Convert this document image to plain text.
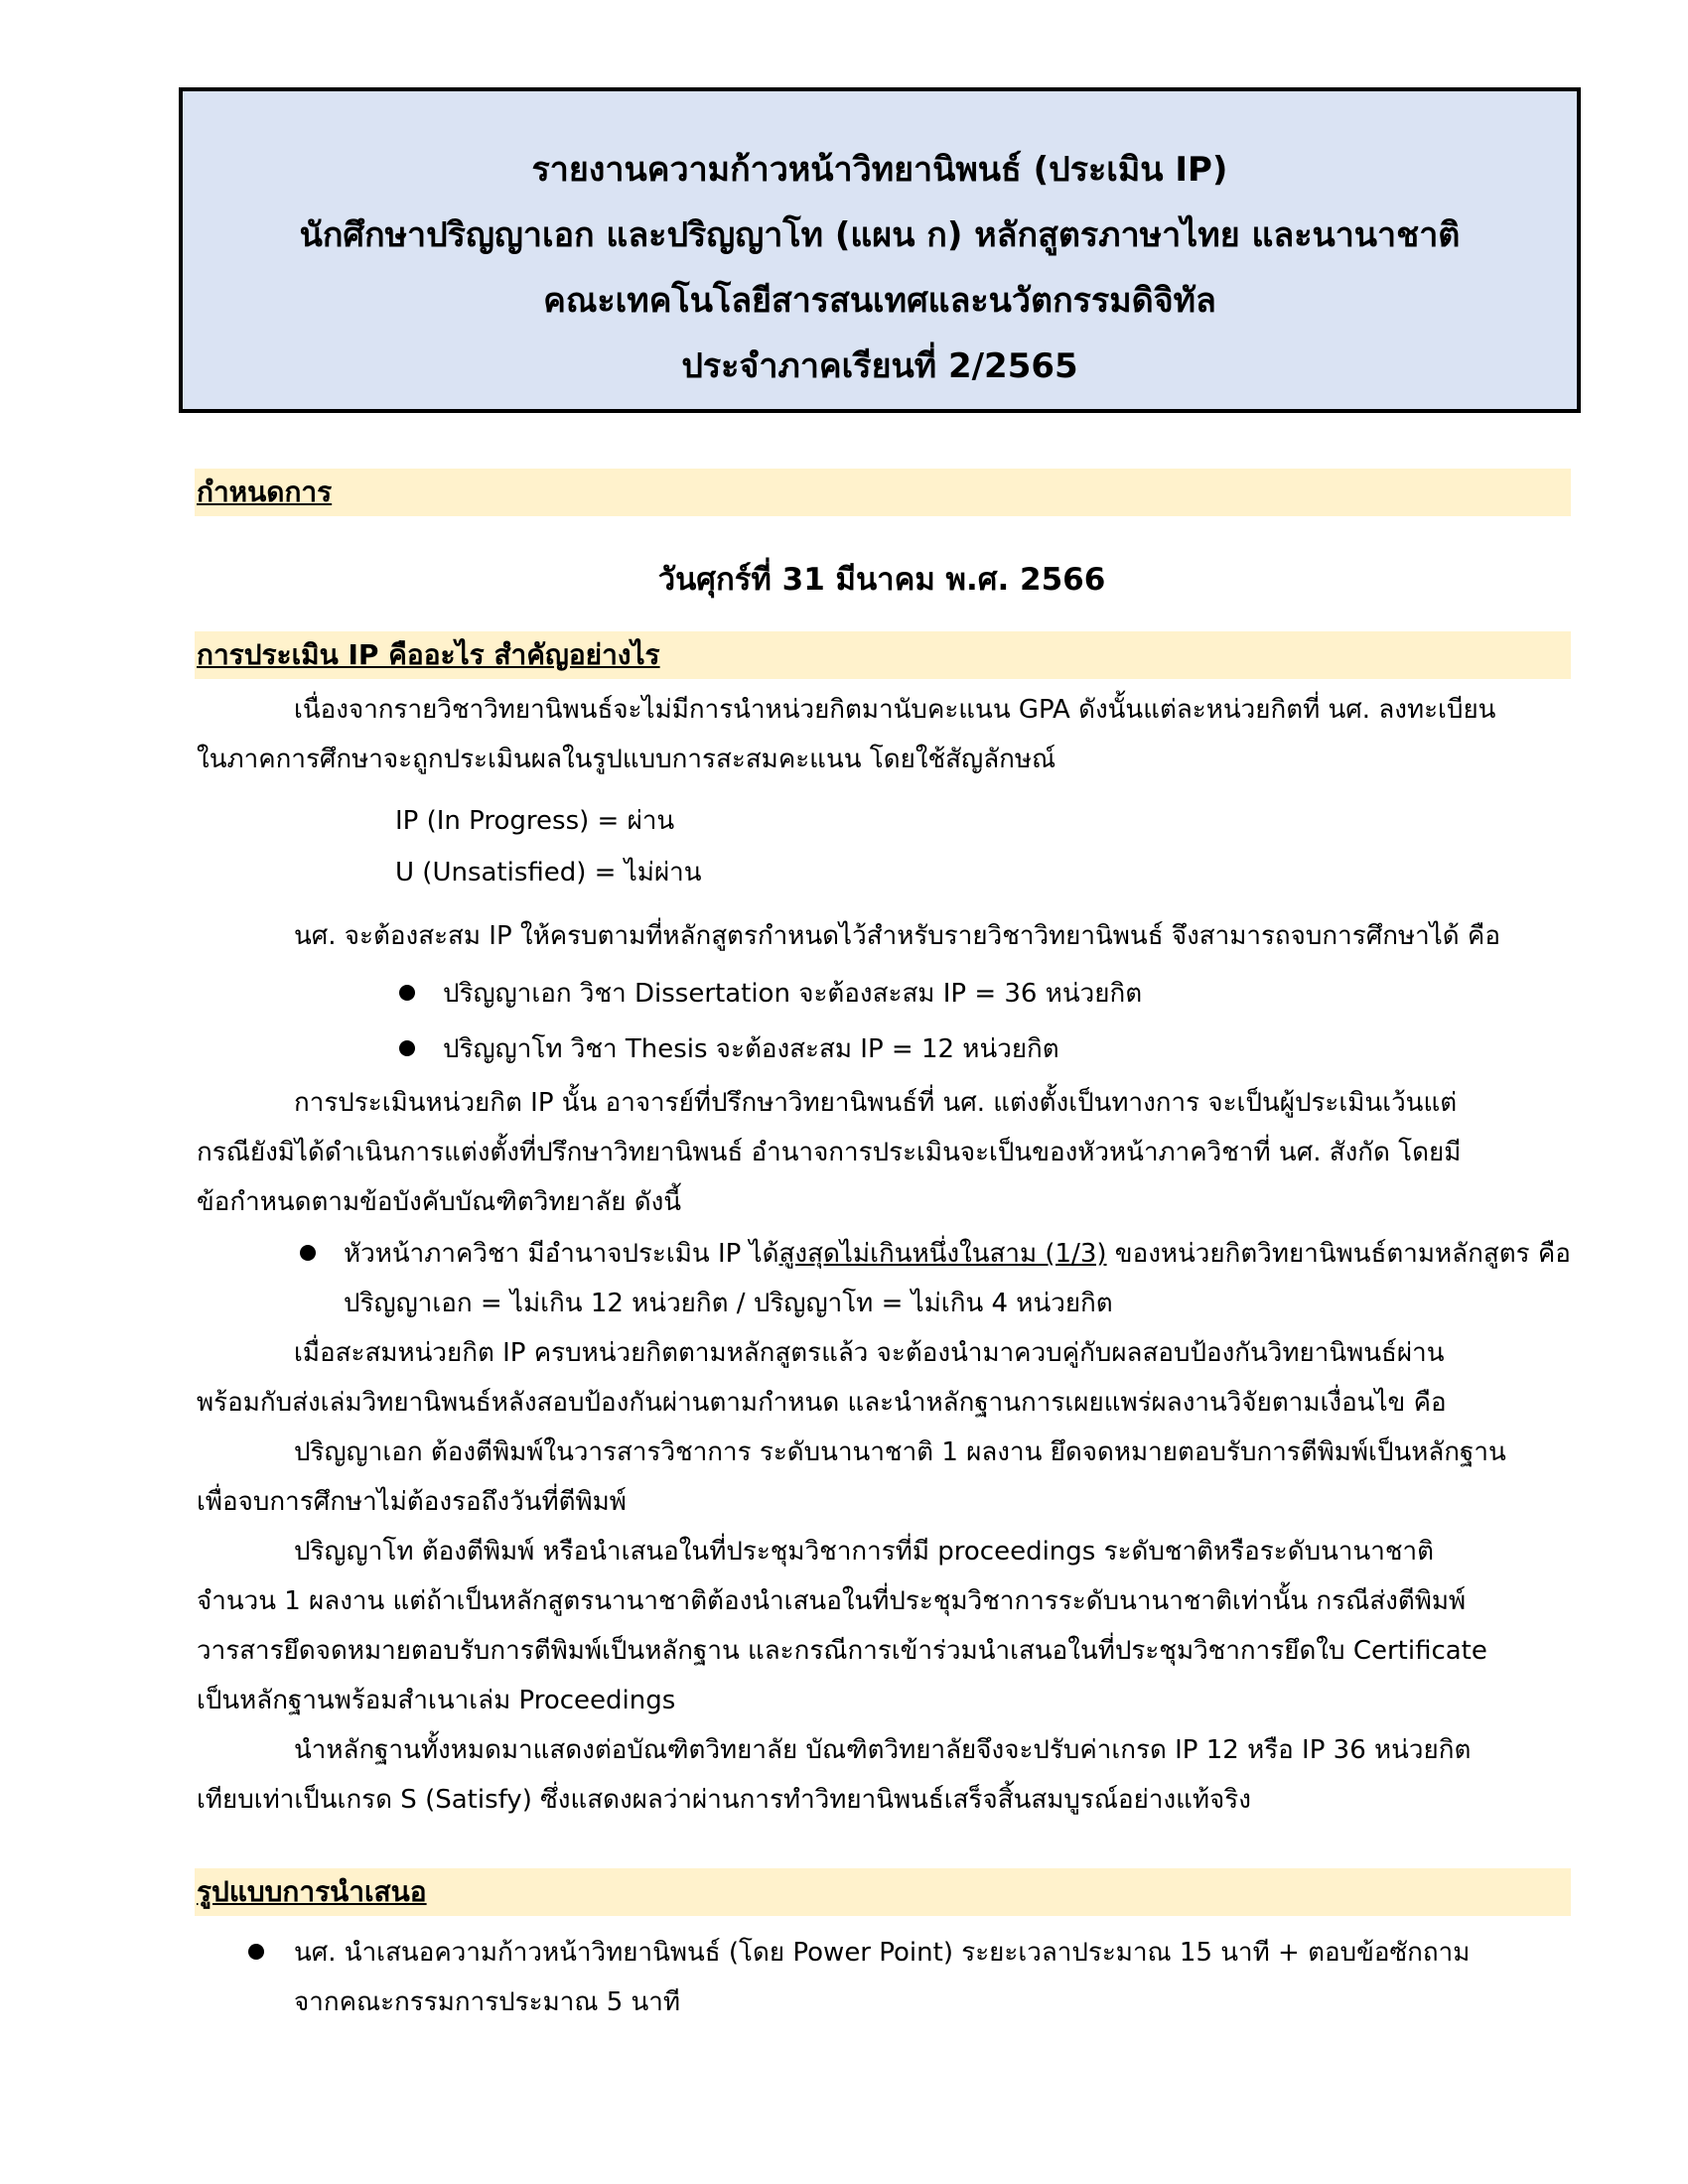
รายงานความก้าวหน้าวิทยานิพนธ์ (ประเมิน IP)
นักศึกษาปริญญาเอก และปริญญาโท (แผน ก) หลักสูตรภาษาไทย และนานาชาติ
คณะเทคโนโลยีสารสนเทศและนวัตกรรมดิจิทัล
ประจำภาคเรียนที่ 2/2565
กำหนดการ
วันศุกร์ที่ 31 มีนาคม พ.ศ. 2566
การประเมิน IP คืออะไร สำคัญอย่างไร
เนื่องจากรายวิชาวิทยานิพนธ์จะไม่มีการนำหน่วยกิตมานับคะแนน GPA ดังนั้นแต่ละหน่วยกิตที่ นศ. ลงทะเบียน
ในภาคการศึกษาจะถูกประเมินผลในรูปแบบการสะสมคะแนน โดยใช้สัญลักษณ์
IP (In Progress) = ผ่าน
U (Unsatisfied) = ไม่ผ่าน
นศ. จะต้องสะสม IP ให้ครบตามที่หลักสูตรกำหนดไว้สำหรับรายวิชาวิทยานิพนธ์ จึงสามารถจบการศึกษาได้ คือ
ปริญญาเอก วิชา Dissertation จะต้องสะสม IP = 36 หน่วยกิต
ปริญญาโท วิชา Thesis จะต้องสะสม IP = 12 หน่วยกิต
การประเมินหน่วยกิต IP นั้น อาจารย์ที่ปรึกษาวิทยานิพนธ์ที่ นศ. แต่งตั้งเป็นทางการ จะเป็นผู้ประเมินเว้นแต่
กรณียังมิได้ดำเนินการแต่งตั้งที่ปรึกษาวิทยานิพนธ์ อำนาจการประเมินจะเป็นของหัวหน้าภาควิชาที่ นศ. สังกัด โดยมี
ข้อกำหนดตามข้อบังคับบัณฑิตวิทยาลัย ดังนี้
หัวหน้าภาควิชา มีอำนาจประเมิน IP ได้สูงสุดไม่เกินหนึ่งในสาม (1/3) ของหน่วยกิตวิทยานิพนธ์ตามหลักสูตร คือ
ปริญญาเอก = ไม่เกิน 12 หน่วยกิต / ปริญญาโท = ไม่เกิน 4 หน่วยกิต
เมื่อสะสมหน่วยกิต IP ครบหน่วยกิตตามหลักสูตรแล้ว จะต้องนำมาควบคู่กับผลสอบป้องกันวิทยานิพนธ์ผ่าน
พร้อมกับส่งเล่มวิทยานิพนธ์หลังสอบป้องกันผ่านตามกำหนด และนำหลักฐานการเผยแพร่ผลงานวิจัยตามเงื่อนไข คือ
ปริญญาเอก ต้องตีพิมพ์ในวารสารวิชาการ ระดับนานาชาติ 1 ผลงาน ยึดจดหมายตอบรับการตีพิมพ์เป็นหลักฐาน
เพื่อจบการศึกษาไม่ต้องรอถึงวันที่ตีพิมพ์
ปริญญาโท ต้องตีพิมพ์ หรือนำเสนอในที่ประชุมวิชาการที่มี proceedings ระดับชาติหรือระดับนานาชาติ
จำนวน 1 ผลงาน แต่ถ้าเป็นหลักสูตรนานาชาติต้องนำเสนอในที่ประชุมวิชาการระดับนานาชาติเท่านั้น กรณีส่งตีพิมพ์
วารสารยึดจดหมายตอบรับการตีพิมพ์เป็นหลักฐาน และกรณีการเข้าร่วมนำเสนอในที่ประชุมวิชาการยึดใบ Certificate
เป็นหลักฐานพร้อมสำเนาเล่ม Proceedings
นำหลักฐานทั้งหมดมาแสดงต่อบัณฑิตวิทยาลัย บัณฑิตวิทยาลัยจึงจะปรับค่าเกรด IP 12 หรือ IP 36 หน่วยกิต
เทียบเท่าเป็นเกรด S (Satisfy) ซึ่งแสดงผลว่าผ่านการทำวิทยานิพนธ์เสร็จสิ้นสมบูรณ์อย่างแท้จริง
รูปแบบการนำเสนอ
นศ. นำเสนอความก้าวหน้าวิทยานิพนธ์ (โดย Power Point) ระยะเวลาประมาณ 15 นาที + ตอบข้อซักถาม
จากคณะกรรมการประมาณ 5 นาที
